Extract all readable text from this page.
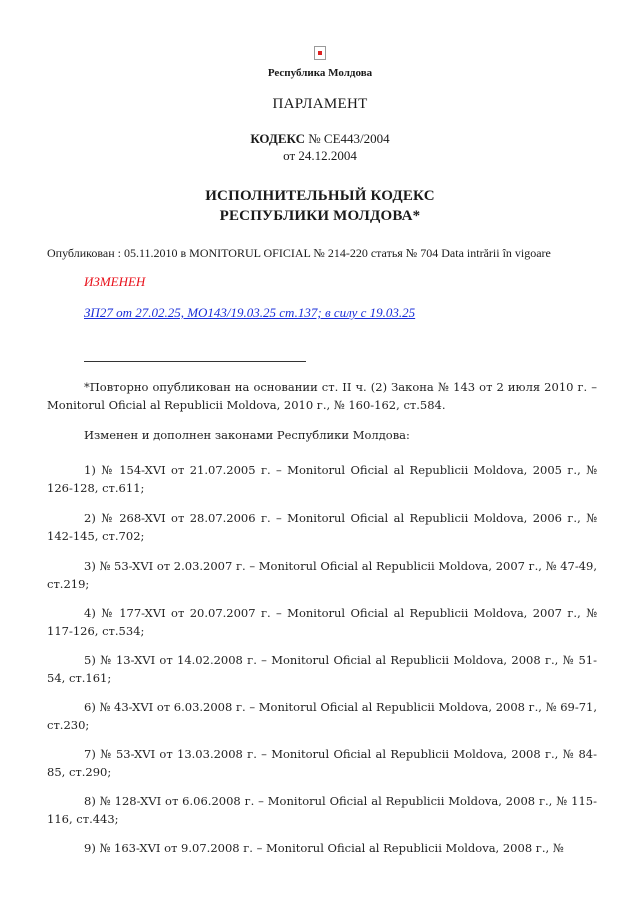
Республика Молдова
ПАРЛАМЕНТ
КОДЕКС № CE443/2004
от 24.12.2004
ИСПОЛНИТЕЛЬНЫЙ КОДЕКС
РЕСПУБЛИКИ МОЛДОВА*
Опубликован : 05.11.2010 в MONITORUL OFICIAL № 214-220 статья № 704 Data intrării în vigoare
ИЗМЕНЕН
ЗП27 от 27.02.25, МО143/19.03.25 ст.137; в силу с 19.03.25
*Повторно опубликован на основании ст. II ч. (2) Закона № 143 от 2 июля 2010 г. – Monitorul Oficial al Republicii Moldova, 2010 г., № 160-162, ст.584.
Изменен и дополнен законами Республики Молдова:
1) № 154-XVI от 21.07.2005 г. – Monitorul Oficial al Republicii Moldova, 2005 г., № 126-128, ст.611;
2) № 268-XVI от 28.07.2006 г. – Monitorul Oficial al Republicii Moldova, 2006 г., № 142-145, ст.702;
3) № 53-XVI от 2.03.2007 г. – Monitorul Oficial al Republicii Moldova, 2007 г., № 47-49, ст.219;
4) № 177-XVI от 20.07.2007 г. – Monitorul Oficial al Republicii Moldova, 2007 г., № 117-126, ст.534;
5) № 13-XVI от 14.02.2008 г. – Monitorul Oficial al Republicii Moldova, 2008 г., № 51-54, ст.161;
6) № 43-XVI от 6.03.2008 г. – Monitorul Oficial al Republicii Moldova, 2008 г., № 69-71, ст.230;
7) № 53-XVI от 13.03.2008 г. – Monitorul Oficial al Republicii Moldova, 2008 г., № 84-85, ст.290;
8) № 128-XVI от 6.06.2008 г. – Monitorul Oficial al Republicii Moldova, 2008 г., № 115-116, ст.443;
9) № 163-XVI от 9.07.2008 г. – Monitorul Oficial al Republicii Moldova, 2008 г., №
